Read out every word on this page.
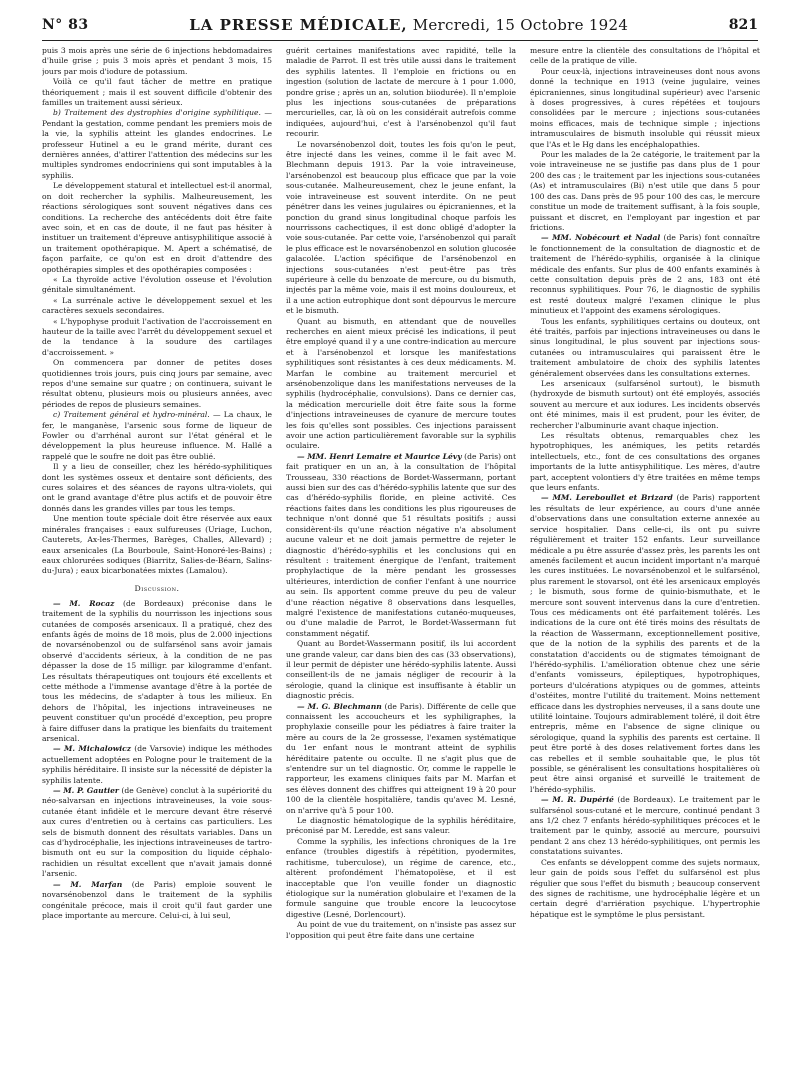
N° 83	LA PRESSE MÉDICALE, Mercredi, 15 Octobre 1924	821

puis 3 mois après une série de 6 injections hebdomadaires d'huile grise ; puis 3 mois après et pendant 3 mois, 15 jours par mois d'iodure de potassium.

Voilà ce qu'il faut tâcher de mettre en pratique théoriquement ; mais il est souvent difficile d'obtenir des familles un traitement aussi sérieux.

b) Traitement des dystrophies d'origine syphilitique. — Pendant la gestation, comme pendant les premiers mois de la vie, la syphilis atteint les glandes endocrines. Le professeur Hutinel a eu le grand mérite, durant ces dernières années, d'attirer l'attention des médecins sur les multiples syndromes endocriniens qui sont imputables à la syphilis.

Le développement statural et intellectuel est-il anormal, on doit rechercher la syphilis. Malheureusement, les réactions sérologiques sont souvent négatives dans ces conditions. La recherche des antécédents doit être faite avec soin, et en cas de doute, il ne faut pas hésiter à instituer un traitement d'épreuve antisyphilitique associé à un traitement opothérapique. M. Apert a schématisé, de façon parfaite, ce qu'on est en droit d'attendre des opothérapies simples et des opothérapies composées :

« La thyroïde active l'évolution osseuse et l'évolution génitale simultanément.

« La surrénale active le développement sexuel et les caractères sexuels secondaires.

« L'hypophyse produit l'activation de l'accroissement en hauteur de la taille avec l'arrêt du développement sexuel et de la tendance à la soudure des cartilages d'accroissement. »

On commencera par donner de petites doses quotidiennes trois jours, puis cinq jours par semaine, avec repos d'une semaine sur quatre ; on continuera, suivant le résultat obtenu, plusieurs mois ou plusieurs années, avec périodes de repos de plusieurs semaines.

c) Traitement général et hydro-minéral. — La chaux, le fer, le manganèse, l'arsenic sous forme de liqueur de Fowler ou d'arrhénal auront sur l'état général et le développement la plus heureuse influence. M. Hallé a rappelé que le soufre ne doit pas être oublié.

Il y a lieu de conseiller, chez les hérédo-syphilitiques dont les systèmes osseux et dentaire sont déficients, des cures solaires et des séances de rayons ultra-violets, qui ont le grand avantage d'être plus actifs et de pouvoir être donnés dans les grandes villes par tous les temps.

Une mention toute spéciale doit être réservée aux eaux minérales françaises : eaux sulfureuses (Uriage, Luchon, Cauterets, Ax-les-Thermes, Barèges, Challes, Allevard) ; eaux arsenicales (La Bourboule, Saint-Honoré-les-Bains) ; eaux chlorurées sodiques (Biarritz, Salies-de-Béarn, Salins-du-Jura) ; eaux bicarbonatées mixtes (Lamalou).

Discussion.

— M. Rocaz (de Bordeaux) préconise dans le traitement de la syphilis du nourrisson les injections sous cutanées de composés arsenicaux. Il a pratiqué, chez des enfants âgés de moins de 18 mois, plus de 2.000 injections de novarsénobenzol ou de sulfarsénol sans avoir jamais observé d'accidents sérieux, à la condition de ne pas dépasser la dose de 15 milligr. par kilogramme d'enfant. Les résultats thérapeutiques ont toujours été excellents et cette méthode a l'immense avantage d'être à la portée de tous les médecins, de s'adapter à tous les milieux. En dehors de l'hôpital, les injections intraveineuses ne peuvent constituer qu'un procédé d'exception, peu propre à faire diffuser dans la pratique les bienfaits du traitement arsenical.

— M. Michalowicz (de Varsovie) indique les méthodes actuellement adoptées en Pologne pour le traitement de la syphilis héréditaire. Il insiste sur la nécessité de dépister la syphilis latente.

— M. P. Gautier (de Genève) conclut à la supériorité du néo-salvarsan en injections intraveineuses, la voie sous-cutanée étant infidèle et le mercure devant être réservé aux cures d'entretien ou à certains cas particuliers. Les sels de bismuth donnent des résultats variables. Dans un cas d'hydrocéphalie, les injections intraveineuses de tartro-bismuth ont eu sur la composition du liquide céphalo-rachidien un résultat excellent que n'avait jamais donné l'arsenic.

— M. Marfan (de Paris) emploie souvent le novarsénobenzol dans le traitement de la syphilis congénitale précoce, mais il croit qu'il faut garder une place importante au mercure. Celui-ci, à lui seul,

guérit certaines manifestations avec rapidité, telle la maladie de Parrot. Il est très utile aussi dans le traitement des syphilis latentes. Il l'emploie en frictions ou en ingestion (solution de lactate de mercure à 1 pour 1.000, pondre grise ; après un an, solution biiodurée). Il n'emploie plus les injections sous-cutanées de préparations mercurielles, car, là où on les considérait autrefois comme indiquées, aujourd'hui, c'est à l'arsénobenzol qu'il faut recourir.

Le novarsénobenzol doit, toutes les fois qu'on le peut, être injecté dans les veines, comme il le fait avec M. Blechmann depuis 1913. Par la voie intraveineuse, l'arsénobenzol est beaucoup plus efficace que par la voie sous-cutanée. Malheureusement, chez le jeune enfant, la voie intraveineuse est souvent interdite. On ne peut pénétrer dans les veines jugulaires ou épicraniennes, et la ponction du grand sinus longitudinal choque parfois les nourrissons cachectiques, il est donc obligé d'adopter la voie sous-cutanée. Par cette voie, l'arsénobenzol qui paraît le plus efficace est le novarsénobenzol en solution glucosée galacolée. L'action spécifique de l'arsénobenzol en injections sous-cutanées n'est peut-être pas très supérieure à celle du benzoate de mercure, ou du bismuth, injectés par la même voie, mais il est moins douloureux, et il a une action eutrophique dont sont dépourvus le mercure et le bismuth.

Quant au bismuth, en attendant que de nouvelles recherches en aient mieux précisé les indications, il peut être employé quand il y a une contre-indication au mercure et à l'arsénobenzol et lorsque les manifestations syphilitiques sont résistantes à ces deux médicaments. M. Marfan le combine au traitement mercuriel et arsénobenzolique dans les manifestations nerveuses de la syphilis (hydrocéphalie, convulsions). Dans ce dernier cas, la médication mercurielle doit être faite sous la forme d'injections intraveineuses de cyanure de mercure toutes les fois qu'elles sont possibles. Ces injections paraissent avoir une action particulièrement favorable sur la syphilis oculaire.

— MM. Henri Lemaire et Maurice Lévy (de Paris) ont fait pratiquer en un an, à la consultation de l'hôpital Trousseau, 330 réactions de Bordet-Wassermann, portant aussi bien sur des cas d'hérédo-syphilis latente que sur des cas d'hérédo-syphilis floride, en pleine activité. Ces réactions faites dans les conditions les plus rigoureuses de technique n'ont donné que 51 résultats positifs ; aussi considèrent-ils qu'une réaction négative n'a absolument aucune valeur et ne doit jamais permettre de rejeter le diagnostic d'hérédo-syphilis et les conclusions qui en résultent : traitement énergique de l'enfant, traitement prophylactique de la mère pendant les grossesses ultérieures, interdiction de confier l'enfant à une nourrice au sein. Ils apportent comme preuve du peu de valeur d'une réaction négative 8 observations dans lesquelles, malgré l'existence de manifestations cutanéo-muqueuses, ou d'une maladie de Parrot, le Bordet-Wassermann fut constamment négatif.

Quant au Bordet-Wassermann positif, ils lui accordent une grande valeur, car dans bien des cas (33 observations), il leur permit de dépister une hérédo-syphilis latente. Aussi conseillent-ils de ne jamais négliger de recourir à la sérologie, quand la clinique est insuffisante à établir un diagnostic précis.

— M. G. Blechmann (de Paris). Différente de celle que connaissent les accoucheurs et les syphiligraphes, la prophylaxie conseille pour les pédiatres à faire traiter la mère au cours de la 2e grossesse, l'examen systématique du 1er enfant nous le montrant atteint de syphilis héréditaire patente ou occulte. Il ne s'agit plus que de s'entendre sur un tel diagnostic. Or, comme le rappelle le rapporteur, les examens cliniques faits par M. Marfan et ses élèves donnent des chiffres qui atteignent 19 à 20 pour 100 de la clientèle hospitalière, tandis qu'avec M. Lesné, on n'arrive qu'à 5 pour 100.

Le diagnostic hématologique de la syphilis héréditaire, préconisé par M. Leredde, est sans valeur.

Comme la syphilis, les infections chroniques de la 1re enfance (troubles digestifs à répétition, pyodermites, rachitisme, tuberculose), un régime de carence, etc., altèrent profondément l'hématopoïèse, et il est inacceptable que l'on veuille fonder un diagnostic étiologique sur la numération globulaire et l'examen de la formule sanguine que trouble encore la leucocytose digestive (Lesné, Dorlencourt).

Au point de vue du traitement, on n'insiste pas assez sur l'opposition qui peut être faite dans une certaine

mesure entre la clientèle des consultations de l'hôpital et celle de la pratique de ville.

Pour ceux-là, injections intraveineuses dont nous avons donné la technique en 1913 (veine jugulaire, veines épicraniennes, sinus longitudinal supérieur) avec l'arsenic à doses progressives, à cures répétées et toujours consolidées par le mercure ; injections sous-cutanées moins efficaces, mais de technique simple ; injections intramusculaires de bismuth insoluble qui réussit mieux que l'As et le Hg dans les encéphalopathies.

Pour les malades de la 2e catégorie, le traitement par la voie intraveineuse ne se justifie pas dans plus de 1 pour 200 des cas ; le traitement par les injections sous-cutanées (As) et intramusculaires (Bi) n'est utile que dans 5 pour 100 des cas. Dans près de 95 pour 100 des cas, le mercure constitue un mode de traitement suffisant, à la fois souple, puissant et discret, en l'employant par ingestion et par frictions.

— MM. Nobécourt et Nadal (de Paris) font connaître le fonctionnement de la consultation de diagnostic et de traitement de l'hérédo-syphilis, organisée à la clinique médicale des enfants. Sur plus de 400 enfants examinés à cette consultation depuis près de 2 ans, 183 ont été reconnus syphilitiques. Pour 76, le diagnostic de syphilis est resté douteux malgré l'examen clinique le plus minutieux et l'appoint des examens sérologiques.

Tous les enfants, syphilitiques certains ou douteux, ont été traités, parfois par injections intraveineuses ou dans le sinus longitudinal, le plus souvent par injections sous-cutanées ou intramusculaires qui paraissent être le traitement ambulatoire de choix des syphilis latentes généralement observées dans les consultations externes.

Les arsenicaux (sulfarsénol surtout), le bismuth (hydroxyde de bismuth surtout) ont été employés, associés souvent au mercure et aux iodures. Les incidents observés ont été minimes, mais il est prudent, pour les éviter, de rechercher l'albuminurie avant chaque injection.

Les résultats obtenus, remarquables chez les hypotrophiques, les anémiques, les petits retardés intellectuels, etc., font de ces consultations des organes importants de la lutte antisyphilitique. Les mères, d'autre part, acceptent volontiers d'y être traitées en même temps que leurs enfants.

— MM. Lereboullet et Brizard (de Paris) rapportent les résultats de leur expérience, au cours d'une année d'observations dans une consultation externe annexée au service hospitalier. Dans celle-ci, ils ont pu suivre régulièrement et traiter 152 enfants. Leur surveillance médicale a pu être assurée d'assez près, les parents les ont amenés facilement et aucun incident important n'a marqué les cures instituées. Le novarsénobenzol et le sulfarsénol, plus rarement le stovarsol, ont été les arsenicaux employés ; le bismuth, sous forme de quinio-bismuthate, et le mercure sont souvent intervenus dans la cure d'entretien. Tous ces médicaments ont été parfaitement tolérés. Les indications de la cure ont été tirés moins des résultats de la réaction de Wassermann, exceptionnellement positive, que de la notion de la syphilis des parents et de la constatation d'accidents ou de stigmates témoignant de l'hérédo-syphilis. L'amélioration obtenue chez une série d'enfants vomisseurs, épileptiques, hypotrophiques, porteurs d'ulcérations atypiques ou de gommes, atteints d'ostéites, montre l'utilité du traitement. Moins nettement efficace dans les dystrophies nerveuses, il a sans doute une utilité lointaine. Toujours admirablement toléré, il doit être entrepris, même en l'absence de signe clinique ou sérologique, quand la syphilis des parents est certaine. Il peut être porté à des doses relativement fortes dans les cas rebelles et il semble souhaitable que, le plus tôt possible, se généralisent les consultations hospitalières où peut être ainsi organisé et surveillé le traitement de l'hérédo-syphilis.

— M. R. Dupérié (de Bordeaux). Le traitement par le sulfarsénol sous-cutané et le mercure, continué pendant 3 ans 1/2 chez 7 enfants hérédo-syphilitiques précoces et le traitement par le quinby, associé au mercure, poursuivi pendant 2 ans chez 13 hérédo-syphilitiques, ont permis les constatations suivantes.

Ces enfants se développent comme des sujets normaux, leur gain de poids sous l'effet du sulfarsénol est plus régulier que sous l'effet du bismuth ; beaucoup conservent des signes de rachitisme, une hydrocéphalie légère et un certain degré d'arriération psychique. L'hypertrophie hépatique est le symptôme le plus persistant.
